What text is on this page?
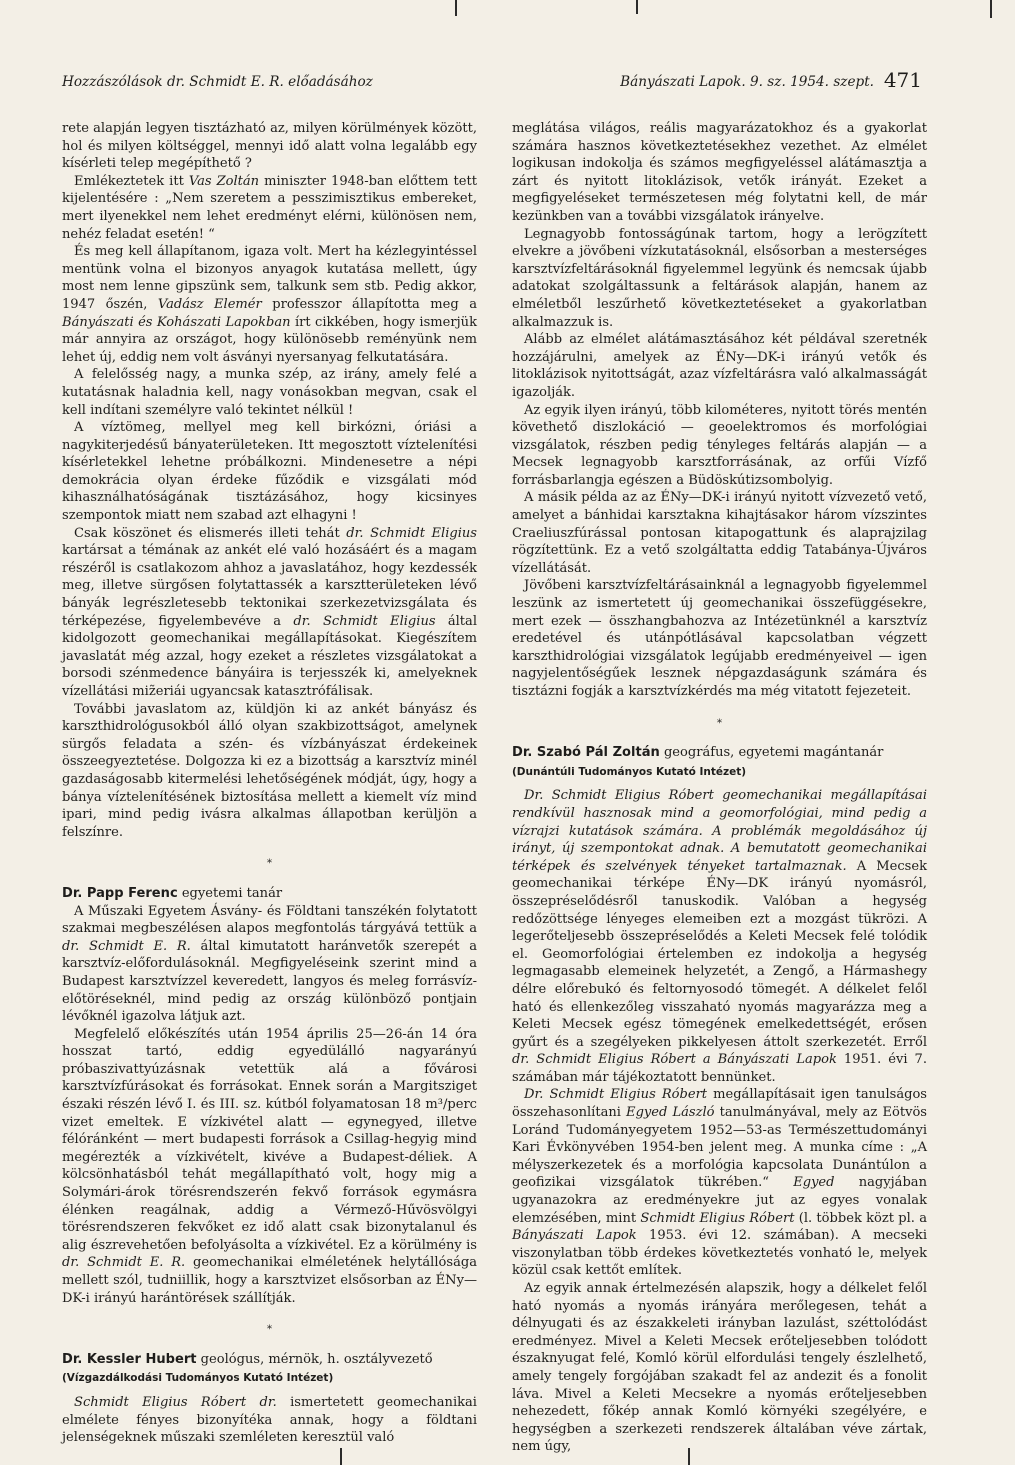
Hozzászólások dr. Schmidt E. R. előadásához	Bányászati Lapok. 9. sz. 1954. szept. 471

rete alapján legyen tisztázható az, milyen körülmények között, hol és milyen költséggel, mennyi idő alatt volna legalább egy kísérleti telep megépíthető ?

Emlékeztetek itt Vas Zoltán miniszter 1948-ban előttem tett kijelentésére : „Nem szeretem a pesszimisztikus embereket, mert ilyenekkel nem lehet eredményt elérni, különösen nem, nehéz feladat esetén! “

És meg kell állapítanom, igaza volt. Mert ha kézlegyintéssel mentünk volna el bizonyos anyagok kutatása mellett, úgy most nem lenne gipszünk sem, talkunk sem stb. Pedig akkor, 1947 őszén, Vadász Elemér professzor állapította meg a Bányászati és Kohászati Lapokban írt cikkében, hogy ismerjük már annyira az országot, hogy különösebb reményünk nem lehet új, eddig nem volt ásványi nyersanyag felkutatására.

A felelősség nagy, a munka szép, az irány, amely felé a kutatásnak haladnia kell, nagy vonásokban megvan, csak el kell indítani személyre való tekintet nélkül !

A víztömeg, mellyel meg kell birkózni, óriási a nagykiterjedésű bányaterületeken. Itt megosztott víztelenítési kísérletekkel lehetne próbálkozni. Mindenesetre a népi demokrácia olyan érdeke fűződik e vizsgálati mód kihasználhatóságának tisztázásához, hogy kicsinyes szempontok miatt nem szabad azt elhagyni !

Csak köszönet és elismerés illeti tehát dr. Schmidt Eligius kartársat a témának az ankét elé való hozásáért és a magam részéről is csatlakozom ahhoz a javaslatához, hogy kezdessék meg, illetve sürgősen folytattassék a karsztterületeken lévő bányák legrészletesebb tektonikai szerkezetvizsgálata és térképezése, figyelembevéve a dr. Schmidt Eligius által kidolgozott geomechanikai megállapításokat. Kiegészítem javaslatát még azzal, hogy ezeket a részletes vizsgálatokat a borsodi szénmedence bányáira is terjesszék ki, amelyeknek vízellátási miz̃eriái ugyancsak katasztrófálisak.

További javaslatom az, küldjön ki az ankét bányász és karszthidrológusokból álló olyan szakbizottságot, amelynek sürgős feladata a szén- és vízbányászat érdekeinek összeegyeztetése. Dolgozza ki ez a bizottság a karsztvíz minél gazdaságosabb kitermelési lehetőségének módját, úgy, hogy a bánya víztelenítésének biztosítása mellett a kiemelt víz mind ipari, mind pedig ivásra alkalmas állapotban kerüljön a felszínre.

*

Dr. Papp Ferenc egyetemi tanár

A Műszaki Egyetem Ásvány- és Földtani tanszékén folytatott szakmai megbeszélésen alapos megfontolás tárgyává tettük a dr. Schmidt E. R. által kimutatott haránvetők szerepét a karsztvíz-előfordulásoknál. Megfigyeléseink szerint mind a Budapest karsztvízzel keveredett, langyos és meleg forrásvíz-előtöréseknél, mind pedig az ország különböző pontjain lévőknél igazolva látjuk azt.

Megfelelő előkészítés után 1954 április 25—26-án 14 óra hosszat tartó, eddig egyedülálló nagyarányú próbaszivattyúzásnak vetettük alá a fővárosi karsztvízfúrásokat és forrásokat. Ennek során a Margitsziget északi részén lévő I. és III. sz. kútból folyamatosan 18 m³/perc vizet emeltek. E vízkivétel alatt — egynegyed, illetve félóránként — mert budapesti források a Csillag-hegyig mind megérezték a vízkivételt, kivéve a Budapest-déliek. A kölcsönhatásból tehát megállapítható volt, hogy mig a Solymári-árok törésrendszerén fekvő források egymásra élénken reagálnak, addig a Vérmező-Hűvösvölgyi törésrendszeren fekvőket ez idő alatt csak bizonytalanul és alig észrevehetően befolyásolta a vízkivétel. Ez a körülmény is dr. Schmidt E. R. geomechanikai elméletének helytállósága mellett szól, tudniillik, hogy a karsztvizet elsősorban az ÉNy—DK-i irányú harántörések szállítják.

*

Dr. Kessler Hubert geológus, mérnök, h. osztályvezető

(Vízgazdálkodási Tudományos Kutató Intézet)

Schmidt Eligius Róbert dr. ismertetett geomechanikai elmélete fényes bizonyítéka annak, hogy a földtani jelenségeknek műszaki szemléleten keresztül való

meglátása világos, reális magyarázatokhoz és a gyakorlat számára hasznos következtetésekhez vezethet. Az elmélet logikusan indokolja és számos megfigyeléssel alátámasztja a zárt és nyitott litoklázisok, vetők irányát. Ezeket a megfigyeléseket természetesen még folytatni kell, de már kezünkben van a további vizsgálatok irányelve.

Legnagyobb fontosságúnak tartom, hogy a lerögzített elvekre a jövőbeni vízkutatásoknál, elsősorban a mesterséges karsztvízfeltárásoknál figyelemmel legyünk és nemcsak újabb adatokat szolgáltassunk a feltárások alapján, hanem az elméletből leszűrhető következtetéseket a gyakorlatban alkalmazzuk is.

Alább az elmélet alátámasztásához két példával szeretnék hozzájárulni, amelyek az ÉNy—DK-i irányú vetők és litoklázisok nyitottságát, azaz vízfeltárásra való alkalmasságát igazolják.

Az egyik ilyen irányú, több kilométeres, nyitott törés mentén követhető diszlokáció — geoelektromos és morfológiai vizsgálatok, részben pedig tényleges feltárás alapján — a Mecsek legnagyobb karsztforrásának, az orfűi Vízfő forrásbarlangja egészen a Büdöskútizsombolyig.

A másik példa az az ÉNy—DK-i irányú nyitott vízvezető vető, amelyet a bánhidai karsztakna kihajtásakor három vízszintes Craeliuszfúrással pontosan kitapogattunk és alaprajzilag rögzítettünk. Ez a vető szolgáltatta eddig Tatabánya-Újváros vízellátását.

Jövőbeni karsztvízfeltárásainknál a legnagyobb figyelemmel leszünk az ismertetett új geomechanikai összefüggésekre, mert ezek — összhangbahozva az Intézetünknél a karsztvíz eredetével és utánpótlásával kapcsolatban végzett karszthidrológiai vizsgálatok legújabb eredményeivel — igen nagyjelentőségűek lesznek népgazdaságunk számára és tisztázni fogják a karsztvízkérdés ma még vitatott fejezeteit.

*

Dr. Szabó Pál Zoltán geográfus, egyetemi magántanár

(Dunántúli Tudományos Kutató Intézet)

Dr. Schmidt Eligius Róbert geomechanikai megállapításai rendkívül hasznosak mind a geomorfológiai, mind pedig a vízrajzi kutatások számára. A problémák megoldásához új irányt, új szempontokat adnak. A bemutatott geomechanikai térképek és szelvények tényeket tartalmaznak. A Mecsek geomechanikai térképe ÉNy—DK irányú nyomásról, összepréselődésről tanuskodik. Valóban a hegység redőzöttsége lényeges elemeiben ezt a mozgást tükrözi. A legerőteljesebb összepréselődés a Keleti Mecsek felé tolódik el. Geomorfológiai értelemben ez indokolja a hegység legmagasabb elemeinek helyzetét, a Zengő, a Hármashegy délre előrebukó és feltornyosodó tömegét. A délkelet felől ható és ellenkezőleg visszaható nyomás magyarázza meg a Keleti Mecsek egész tömegének emelkedettségét, erősen gyűrt és a szegélyeken pikkelyesen áttolt szerkezetét. Erről dr. Schmidt Eligius Róbert a Bányászati Lapok 1951. évi 7. számában már tájékoztatott bennünket.

Dr. Schmidt Eligius Róbert megállapításait igen tanulságos összehasonlítani Egyed László tanulmányával, mely az Eötvös Loránd Tudományegyetem 1952—53-as Természettudományi Kari Évkönyvében 1954-ben jelent meg. A munka címe : „A mélyszerkezetek és a morfológia kapcsolata Dunántúlon a geofizikai vizsgálatok tükrében.“ Egyed nagyjában ugyanazokra az eredményekre jut az egyes vonalak elemzésében, mint Schmidt Eligius Róbert (l. többek közt pl. a Bányászati Lapok 1953. évi 12. számában). A mecseki viszonylatban több érdekes következtetés vonható le, melyek közül csak kettőt említek.

Az egyik annak értelmezésén alapszik, hogy a délkelet felől ható nyomás a nyomás irányára merőlegesen, tehát a délnyugati és az északkeleti irányban lazulást, széttolódást eredményez. Mivel a Keleti Mecsek erőteljesebben tolódott északnyugat felé, Komló körül elfordulási tengely észlelhető, amely tengely forgójában szakadt fel az andezit és a fonolit láva. Mivel a Keleti Mecsekre a nyomás erőteljesebben nehezedett, főkép annak Komló környéki szegélyére, e hegységben a szerkezeti rendszerek általában véve zártak, nem úgy,
